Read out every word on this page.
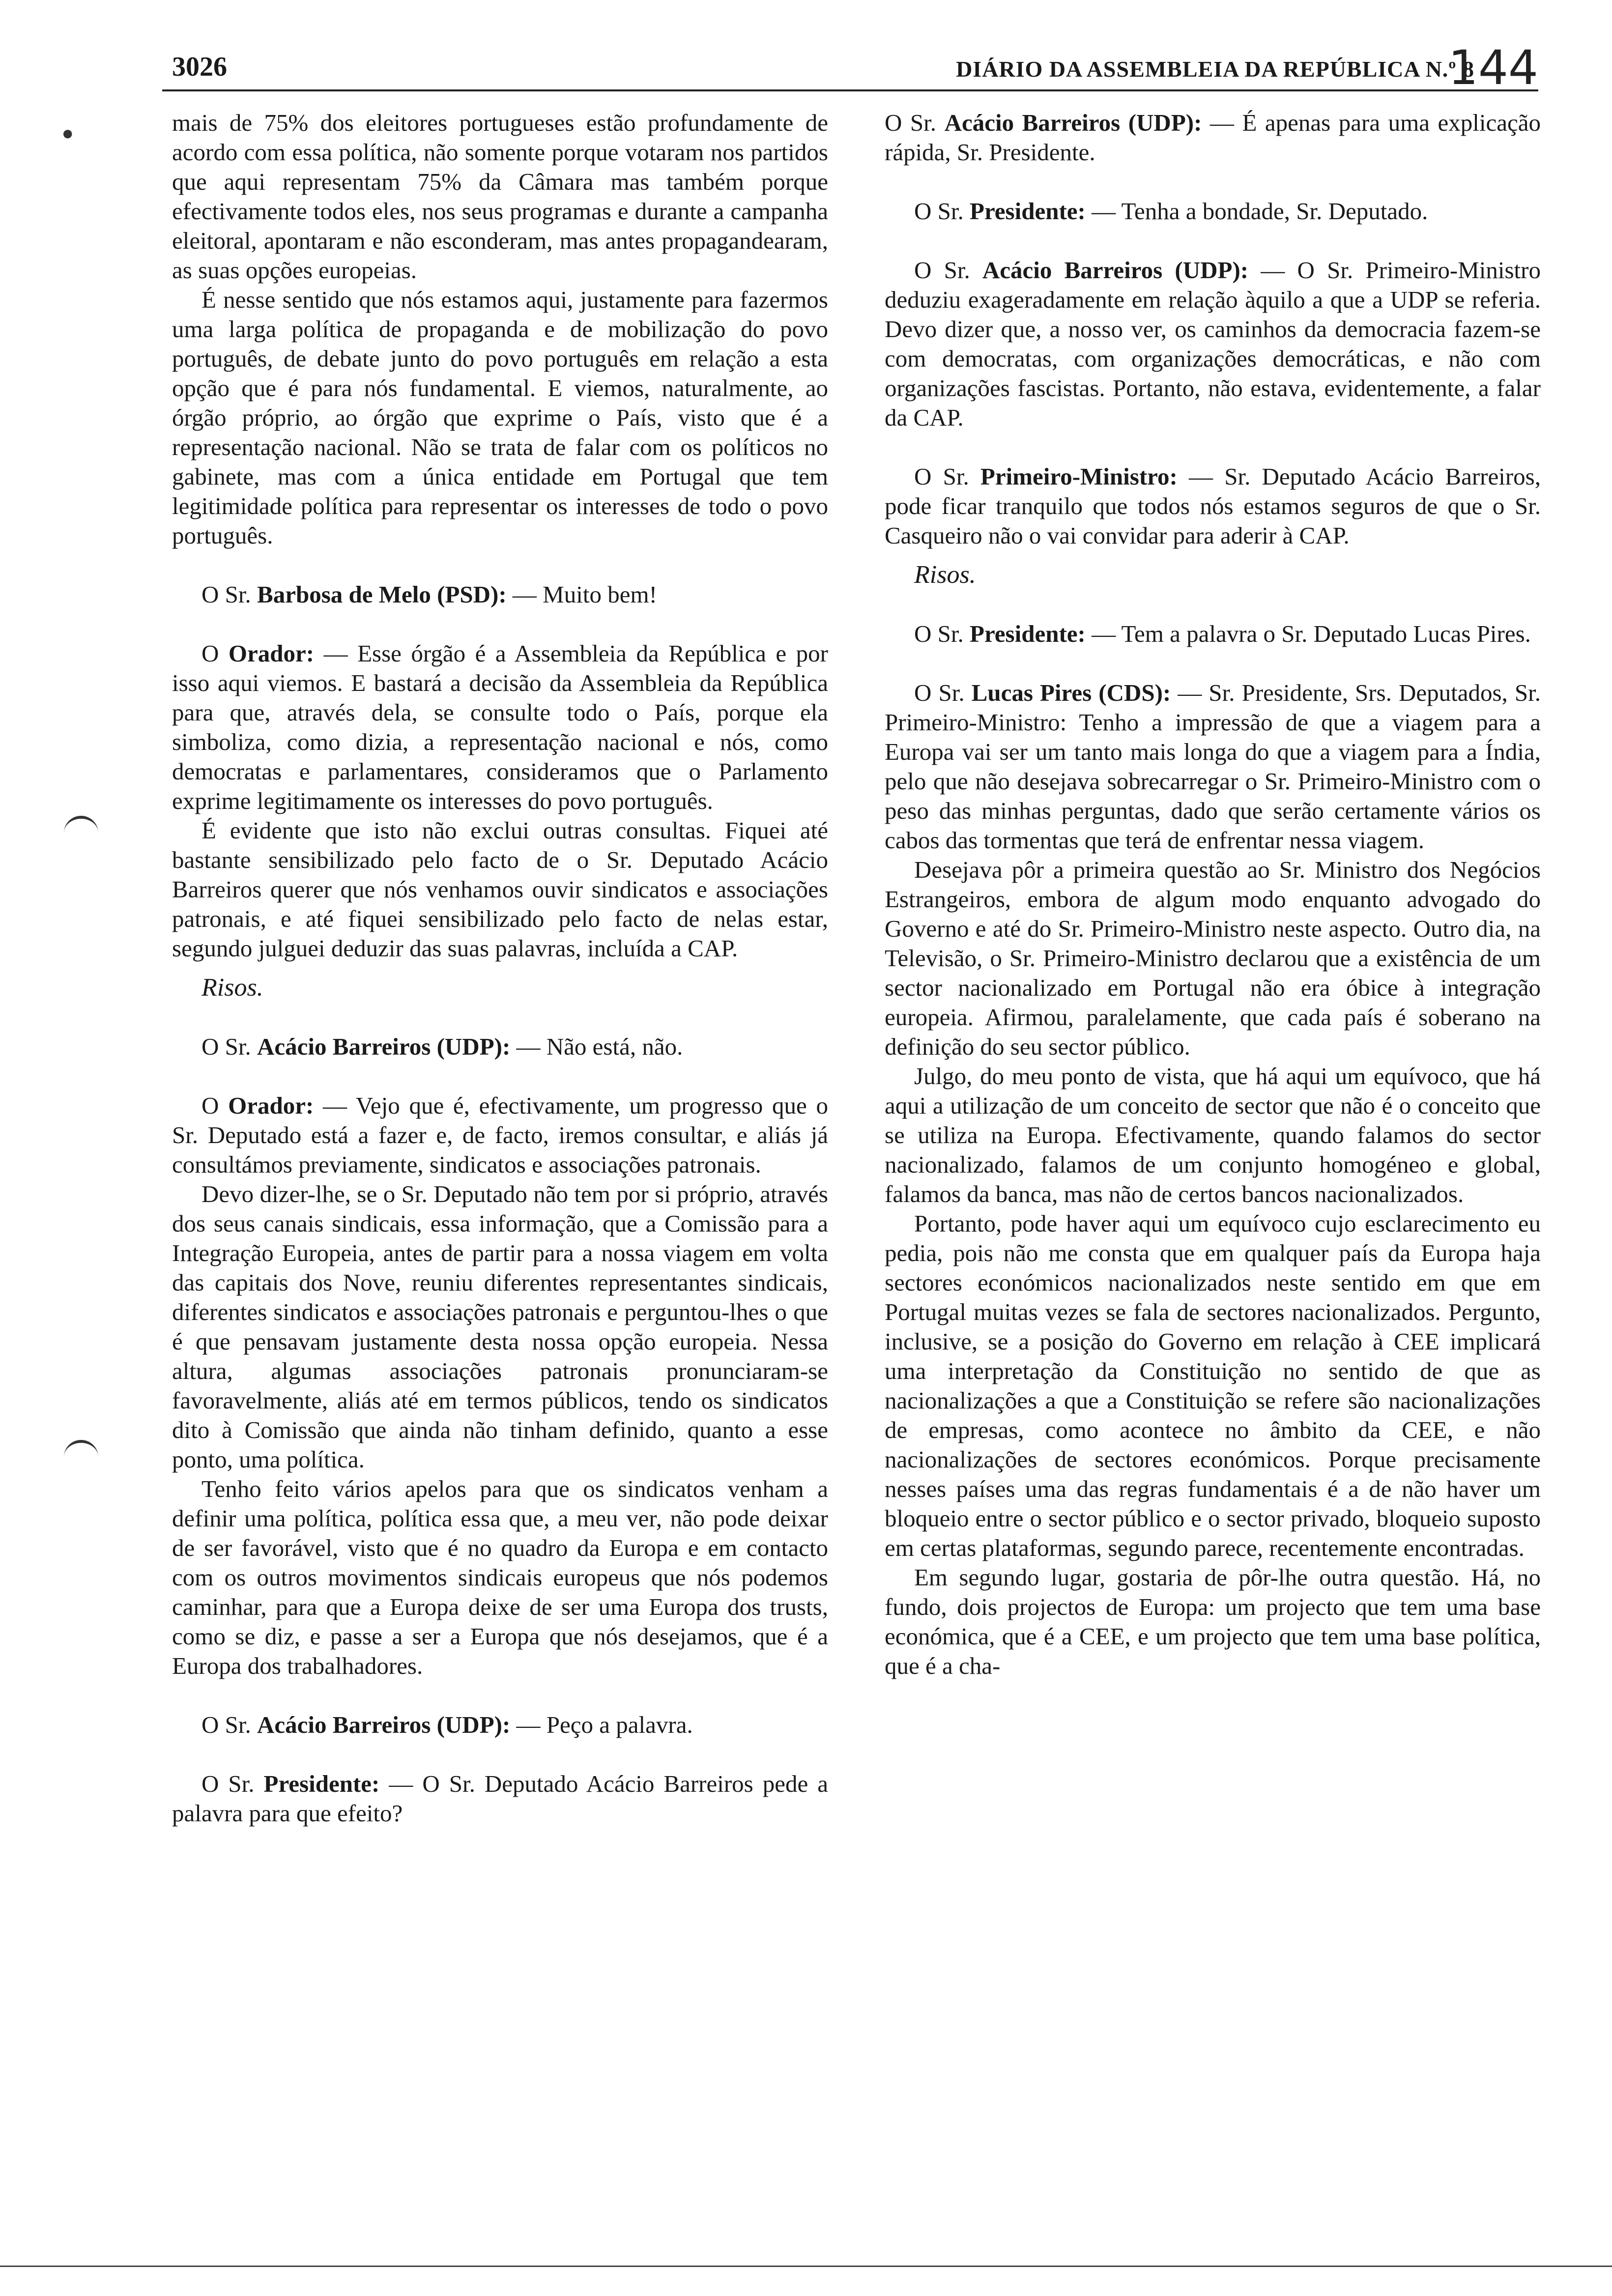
3026	DIÁRIO DA ASSEMBLEIA DA REPÚBLICA N.º 8
144
•	mais de 75% dos eleitores portugueses estão profundamente de acordo com essa política, não somente porque votaram nos partidos que aqui representam 75% da Câmara mas também porque efectivamente todos eles, nos seus programas e durante a campanha eleitoral, apontaram e não esconderam, mas antes propagandearam, as suas opções europeias.

É nesse sentido que nós estamos aqui, justamente para fazermos uma larga política de propaganda e de mobilização do povo português, de debate junto do povo português em relação a esta opção que é para nós fundamental. E viemos, naturalmente, ao órgão próprio, ao órgão que exprime o País, visto que é a representação nacional. Não se trata de falar com os políticos no gabinete, mas com a única entidade em Portugal que tem legitimidade política para representar os interesses de todo o povo português.

O Sr. Barbosa de Melo (PSD): — Muito bem!

O Orador: — Esse órgão é a Assembleia da República e por isso aqui viemos. E bastará a decisão da Assembleia da República para que, através dela, se consulte todo o País, porque ela simboliza, como dizia, a representação nacional e nós, como democratas e parlamentares, consideramos que o Parlamento exprime legitimamente os interesses do povo português.

É evidente que isto não exclui outras consultas. Fiquei até bastante sensibilizado pelo facto de o Sr. Deputado Acácio Barreiros querer que nós venhamos ouvir sindicatos e associações patronais, e até fiquei sensibilizado pelo facto de nelas estar, segundo julguei deduzir das suas palavras, incluída a CAP.

Risos.

O Sr. Acácio Barreiros (UDP): — Não está, não.

O Orador: — Vejo que é, efectivamente, um progresso que o Sr. Deputado está a fazer e, de facto, iremos consultar, e aliás já consultámos previamente, sindicatos e associações patronais.

Devo dizer-lhe, se o Sr. Deputado não tem por si próprio, através dos seus canais sindicais, essa informação, que a Comissão para a Integração Europeia, antes de partir para a nossa viagem em volta das capitais dos Nove, reuniu diferentes representantes sindicais, diferentes sindicatos e associações patronais e perguntou-lhes o que é que pensavam justamente desta nossa opção europeia. Nessa altura, algumas associações patronais pronunciaram-se favoravelmente, aliás até em termos públicos, tendo os sindicatos dito à Comissão que ainda não tinham definido, quanto a esse ponto, uma política.

Tenho feito vários apelos para que os sindicatos venham a definir uma política, política essa que, a meu ver, não pode deixar de ser favorável, visto que é no quadro da Europa e em contacto com os outros movimentos sindicais europeus que nós podemos caminhar, para que a Europa deixe de ser uma Europa dos trusts, como se diz, e passe a ser a Europa que nós desejamos, que é a Europa dos trabalhadores.

O Sr. Acácio Barreiros (UDP): — Peço a palavra.

O Sr. Presidente: — O Sr. Deputado Acácio Barreiros pede a palavra para que efeito?

O Sr. Acácio Barreiros (UDP): — É apenas para uma explicação rápida, Sr. Presidente.

O Sr. Presidente: — Tenha a bondade, Sr. Deputado.

O Sr. Acácio Barreiros (UDP): — O Sr. Primeiro-Ministro deduziu exageradamente em relação àquilo a que a UDP se referia. Devo dizer que, a nosso ver, os caminhos da democracia fazem-se com democratas, com organizações democráticas, e não com organizações fascistas. Portanto, não estava, evidentemente, a falar da CAP.

O Sr. Primeiro-Ministro: — Sr. Deputado Acácio Barreiros, pode ficar tranquilo que todos nós estamos seguros de que o Sr. Casqueiro não o vai convidar para aderir à CAP.

Risos.

O Sr. Presidente: — Tem a palavra o Sr. Deputado Lucas Pires.

O Sr. Lucas Pires (CDS): — Sr. Presidente, Srs. Deputados, Sr. Primeiro-Ministro: Tenho a impressão de que a viagem para a Europa vai ser um tanto mais longa do que a viagem para a Índia, pelo que não desejava sobrecarregar o Sr. Primeiro-Ministro com o peso das minhas perguntas, dado que serão certamente vários os cabos das tormentas que terá de enfrentar nessa viagem.

Desejava pôr a primeira questão ao Sr. Ministro dos Negócios Estrangeiros, embora de algum modo enquanto advogado do Governo e até do Sr. Primeiro-Ministro neste aspecto. Outro dia, na Televisão, o Sr. Primeiro-Ministro declarou que a existência de um sector nacionalizado em Portugal não era óbice à integração europeia. Afirmou, paralelamente, que cada país é soberano na definição do seu sector público.

Julgo, do meu ponto de vista, que há aqui um equívoco, que há aqui a utilização de um conceito de sector que não é o conceito que se utiliza na Europa. Efectivamente, quando falamos do sector nacionalizado, falamos de um conjunto homogéneo e global, falamos da banca, mas não de certos bancos nacionalizados.

Portanto, pode haver aqui um equívoco cujo esclarecimento eu pedia, pois não me consta que em qualquer país da Europa haja sectores económicos nacionalizados neste sentido em que em Portugal muitas vezes se fala de sectores nacionalizados. Pergunto, inclusive, se a posição do Governo em relação à CEE implicará uma interpretação da Constituição no sentido de que as nacionalizações a que a Constituição se refere são nacionalizações de empresas, como acontece no âmbito da CEE, e não nacionalizações de sectores económicos. Porque precisamente nesses países uma das regras fundamentais é a de não haver um bloqueio entre o sector público e o sector privado, bloqueio suposto em certas plataformas, segundo parece, recentemente encontradas.

Em segundo lugar, gostaria de pôr-lhe outra questão. Há, no fundo, dois projectos de Europa: um projecto que tem uma base económica, que é a CEE, e um projecto que tem uma base política, que é a cha-
